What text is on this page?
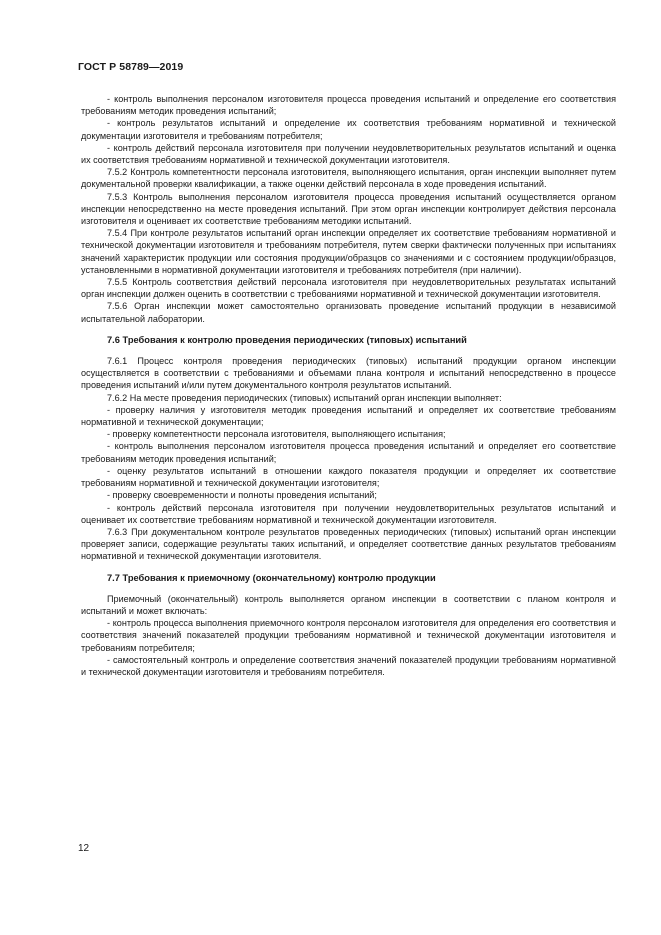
ГОСТ Р 58789—2019

- контроль выполнения персоналом изготовителя процесса проведения испытаний и определение его соответствия требованиям методик проведения испытаний;

- контроль результатов испытаний и определение их соответствия требованиям нормативной и технической документации изготовителя и требованиям потребителя;

- контроль действий персонала изготовителя при получении неудовлетворительных результатов испытаний и оценка их соответствия требованиям нормативной и технической документации изготовителя.

7.5.2 Контроль компетентности персонала изготовителя, выполняющего испытания, орган инспекции выполняет путем документальной проверки квалификации, а также оценки действий персонала в ходе проведения испытаний.

7.5.3 Контроль выполнения персоналом изготовителя процесса проведения испытаний осуществляется органом инспекции непосредственно на месте проведения испытаний. При этом орган инспекции контролирует действия персонала изготовителя и оценивает их соответствие требованиям методики испытаний.

7.5.4 При контроле результатов испытаний орган инспекции определяет их соответствие требованиям нормативной и технической документации изготовителя и требованиям потребителя, путем сверки фактически полученных при испытаниях значений характеристик продукции или состояния продукции/образцов со значениями и с состоянием продукции/образцов, установленными в нормативной документации изготовителя и требованиях потребителя (при наличии).

7.5.5 Контроль соответствия действий персонала изготовителя при неудовлетворительных результатах испытаний орган инспекции должен оценить в соответствии с требованиями нормативной и технической документации изготовителя.

7.5.6 Орган инспекции может самостоятельно организовать проведение испытаний продукции в независимой испытательной лаборатории.

7.6 Требования к контролю проведения периодических (типовых) испытаний

7.6.1 Процесс контроля проведения периодических (типовых) испытаний продукции органом инспекции осуществляется в соответствии с требованиями и объемами плана контроля и испытаний непосредственно в процессе проведения испытаний и/или путем документального контроля результатов испытаний.

7.6.2 На месте проведения периодических (типовых) испытаний орган инспекции выполняет:

- проверку наличия у изготовителя методик проведения испытаний и определяет их соответствие требованиям нормативной и технической документации;

- проверку компетентности персонала изготовителя, выполняющего испытания;

- контроль выполнения персоналом изготовителя процесса проведения испытаний и определяет его соответствие требованиям методик проведения испытаний;

- оценку результатов испытаний в отношении каждого показателя продукции и определяет их соответствие требованиям нормативной и технической документации изготовителя;

- проверку своевременности и полноты проведения испытаний;

- контроль действий персонала изготовителя при получении неудовлетворительных результатов испытаний и оценивает их соответствие требованиям нормативной и технической документации изготовителя.

7.6.3 При документальном контроле результатов проведенных периодических (типовых) испытаний орган инспекции проверяет записи, содержащие результаты таких испытаний, и определяет соответствие данных результатов требованиям нормативной и технической документации изготовителя.

7.7 Требования к приемочному (окончательному) контролю продукции

Приемочный (окончательный) контроль выполняется органом инспекции в соответствии с планом контроля и испытаний и может включать:

- контроль процесса выполнения приемочного контроля персоналом изготовителя для определения его соответствия и соответствия значений показателей продукции требованиям нормативной и технической документации изготовителя и требованиям потребителя;

- самостоятельный контроль и определение соответствия значений показателей продукции требованиям нормативной и технической документации изготовителя и требованиям потребителя.

12
